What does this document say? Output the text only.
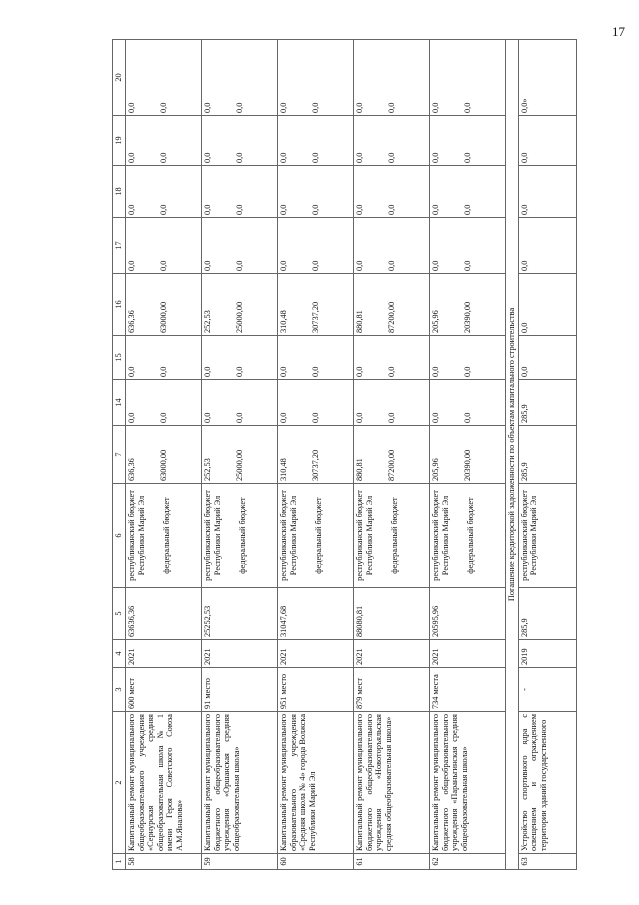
17
1	2	3	4	5	6	7	14	15	16	17	18	19	20
58	Капитальный ремонт муниципального общеобразовательного учреждения «Сернурская средняя общеобразовательная школа № 1 имени Героя Советского Союза А.М.Яналова»	600 мест	2021	63636,36	республиканский бюджет Республики Марий Эл федеральный бюджет	636,36 63000,00	0,0 0,0	0,0 0,0	636,36 63000,00	0,0 0,0	0,0 0,0	0,0 0,0	0,0 0,0

59	Капитальный ремонт муниципального бюджетного общеобразовательного учреждения «Оршанская средняя общеобразовательная школа»	91 место	2021	25252,53	республиканский бюджет Республики Марий Эл федеральный бюджет	252,53 25000,00	0,0 0,0	0,0 0,0	252,53 25000,00	0,0 0,0	0,0 0,0	0,0 0,0	0,0 0,0

60	Капитальный ремонт муниципального образовательного учреждения «Средняя школа № 4» города Волжска Республики Марий Эл	951 место	2021	31047,68	республиканский бюджет Республики Марий Эл федеральный бюджет	310,48 30737,20	0,0 0,0	0,0 0,0	310,48 30737,20	0,0 0,0	0,0 0,0	0,0 0,0	0,0 0,0

61	Капитальный ремонт муниципального бюджетного общеобразовательного учреждения «Новоторъяльская средняя общеобразовательная школа»	879 мест	2021	88080,81	республиканский бюджет Республики Марий Эл федеральный бюджет	880,81 87200,00	0,0 0,0	0,0 0,0	880,81 87200,00	0,0 0,0	0,0 0,0	0,0 0,0	0,0 0,0

62	Капитальный ремонт муниципального бюджетного общеобразовательного учреждения «Параньгинская средняя общеобразовательная школа»	734 места	2021	20595,96	республиканский бюджет Республики Марий Эл федеральный бюджет	205,96 20390,00	0,0 0,0	0,0 0,0	205,96 20390,00	0,0 0,0	0,0 0,0	0,0 0,0	0,0 0,0

Погашение кредиторской задолженности по объектам капитального строительства													
63	Устройство спортивного ядра с освещением и ограждением территории зданий государственного	-	2019	285,9	республиканский бюджет Республики Марий Эл	285,9	285,9	0,0	0,0	0,0	0,0	0,0	0,0»
